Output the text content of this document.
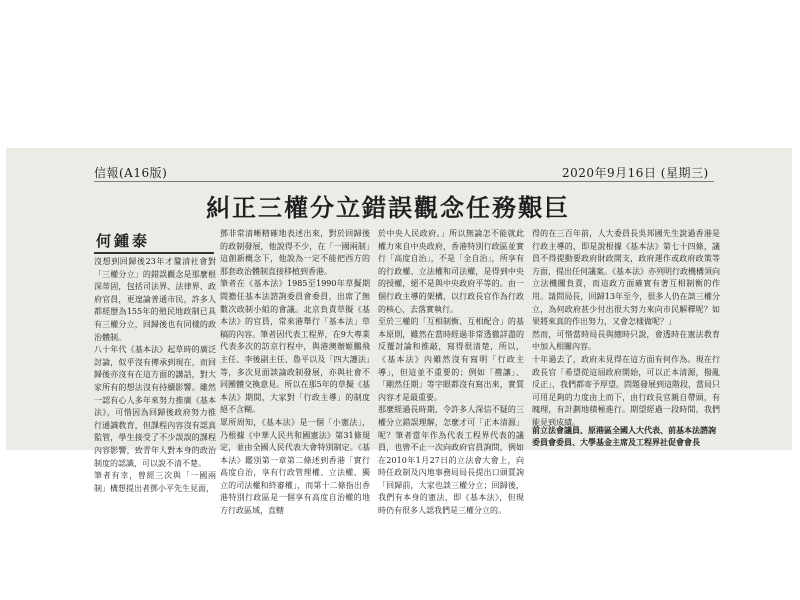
信報(A16版)	2020年9月16日 (星期三)
糾正三權分立錯誤觀念任務艱巨
何鍾泰
沒想到回歸後23年才釐清社會對「三權分立」的錯誤觀念是那麼根深蒂固，包括司法界、法律界、政府官員，更遑論普通市民，許多人都經歷為155年的殖民地政制已具有三權分立，回歸後也有同樣的政治體制。
八十年代《基本法》起草時的廣泛討論，似乎沒有傳承到現在，而回歸後亦沒有在這方面的講話，對大家所有的想法沒有持續影響。雖然一認有心人多年來努力推廣《基本法》，可惜因為回歸後政府努力推行通識教育，但課程內容沒有認真監管，學生接受了不少誤誤的課程內容影響，致青年人對本身的政治制度的認識，可以說不清不楚。
筆者有幸，曾經三次與「一國兩制」構想提出者鄧小平先生見面，
鄧非常清晰精確地表述出來，對於回歸後的政制發展，他說得不少，在「一國兩制」這創新概念下，他說為一定不能把西方的那套政治體制直接移植到香港。
筆者在《基本法》1985至1990年草擬期間擔任基本法諮詢委員會委員，出席了無數次政制小組的會議。北京負責草擬《基本法》的官員，常來港舉行「基本法」草稿的內容。筆者因代表工程界，在9大專業代表多次的訪京行程中，與港澳辦姬鵬飛主任、李後副主任、魯平以及「四大護法」等，多次見面談論政制發展，亦與社會不同團體交換意見。所以在那5年的草擬《基本法》期間，大家對「行政主導」的制度絕不含糊。
眾所周知，《基本法》是一個「小憲法」，乃根據《中華人民共和國憲法》第31條規定，並由全國人民代表大會特別制定。《基本法》鑑別第一章第二條述到香港「實行高度自治，享有行政管理權、立法權、獨立的司法權和終審權」，而第十二條指出香港特別行政區是一個享有高度自治權的地方行政區域，直轄
於中央人民政府。」所以無論怎不能就此權力來自中央政府，香港特別行政區並實行「高度自治」，不是「全自治」，所享有的行政權、立法權和司法權，是得到中央的授權，絕不是與中央政府平等的。由一個行政主導的架構，以行政長官作為行政的核心，去落實執行。
至於三權的「互相制衡、互相配合」的基本原則，雖然在當時經過非常透徹詳盡的反覆討論和推敲，寫得很清楚，所以，《基本法》內雖然沒有寫明「行政主導」，但這並不重要的；例如「禮讓」、「剛然任期」等字眼都沒有寫出來，實質內容才是最重要。
那麼經過長時期，令許多人深信不疑的三權分立錯誤理解，怎麼才可「正本清源」呢？筆者當年作為代表工程界代表的議員，也曾不止一次向政府官員詢問，例如在2010年1月27日的立法會大會上，向時任政制及內地事務局局長提出口頭質詢「回歸前，大家也談三權分立；回歸後，我們有本身的憲法，即《基本法》，但現時仍有很多人認我們是三權分立的。
得的在三百年前，人大委員長吳邦國先生說過香港是行政主導的，即是說根據《基本法》第七十四條，議員不得提動要政府財政開支，政府運作或政府政策等方面，提出任何議案。《基本法》亦列明行政機構須向立法機關負責，而這政方面確實有著互相制衡的作用。請問局長，回歸13年至今，很多人仍在談三權分立，為何政府甚少付出很大努力來向市民解釋呢？如果將來真的作出努力，又會怎樣做呢？」
然而，可惜當時局長與總時只說，會透時在憲法教育中加入相關內容。
十年過去了，政府未見得在這方面有何作為。現在行政長官「希望從這屆政府開始，可以正本清源，撥亂反正」，我們都寄予厚望。問題發展到這階段，當局只可用足夠的力度由上而下，由行政長官親自帶頭，有魄理，有計劃地積極進行。期望經過一段時間，我們能見到成績。
前立法會議員、原港區全國人大代表、前基本法諮詢委員會委員、大學基金主席及工程界社促會會長
